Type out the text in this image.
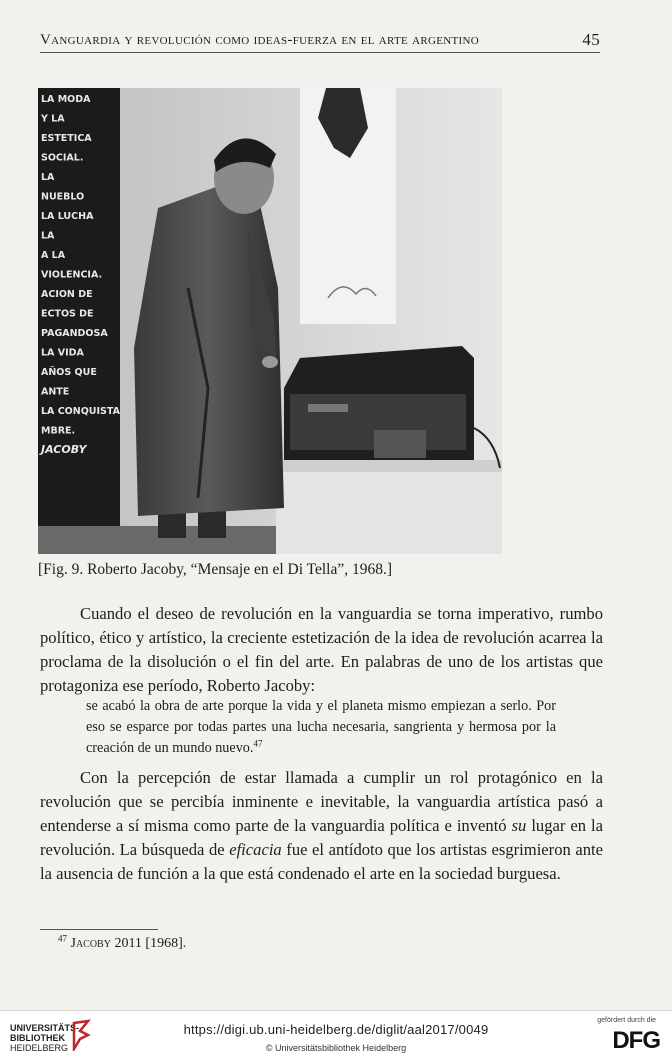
Vanguardia y revolución como ideas-fuerza en el arte argentino	45
LA MODA
Y LA
ESTETICA
SOCIAL.
LA
NUEBLO
LA LUCHA
LA
A LA
VIOLENCIA.
ACION DE
ECTOS DE
PAGANDOSA
LA VIDA
AÑOS QUE
ANTE
LA CONQUISTA
MBRE.
JACOBY
[Fig. 9. Roberto Jacoby, “Mensaje en el Di Tella”, 1968.]

Cuando el deseo de revolución en la vanguardia se torna imperativo, rumbo político, ético y artístico, la creciente estetización de la idea de revolución acarrea la proclama de la disolución o el fin del arte. En palabras de uno de los artistas que protagoniza ese período, Roberto Jacoby:

se acabó la obra de arte porque la vida y el planeta mismo empiezan a serlo. Por eso se esparce por todas partes una lucha necesaria, sangrienta y hermosa por la creación de un mundo nuevo.$^{47}$

Con la percepción de estar llamada a cumplir un rol protagónico en la revolución que se percibía inminente e inevitable, la vanguardia artística pasó a entenderse a sí misma como parte de la vanguardia política e inventó su lugar en la revolución. La búsqueda de eficacia fue el antídoto que los artistas esgrimieron ante la ausencia de función a la que está condenado el arte en la sociedad burguesa.

$^{47}$ Jacoby 2011 [1968].
UNIVERSITÄTS-
BIBLIOTHEK
HEIDELBERG
https://digi.ub.uni-heidelberg.de/diglit/aal2017/0049
© Universitätsbibliothek Heidelberg
gefördert durch die
DFG
